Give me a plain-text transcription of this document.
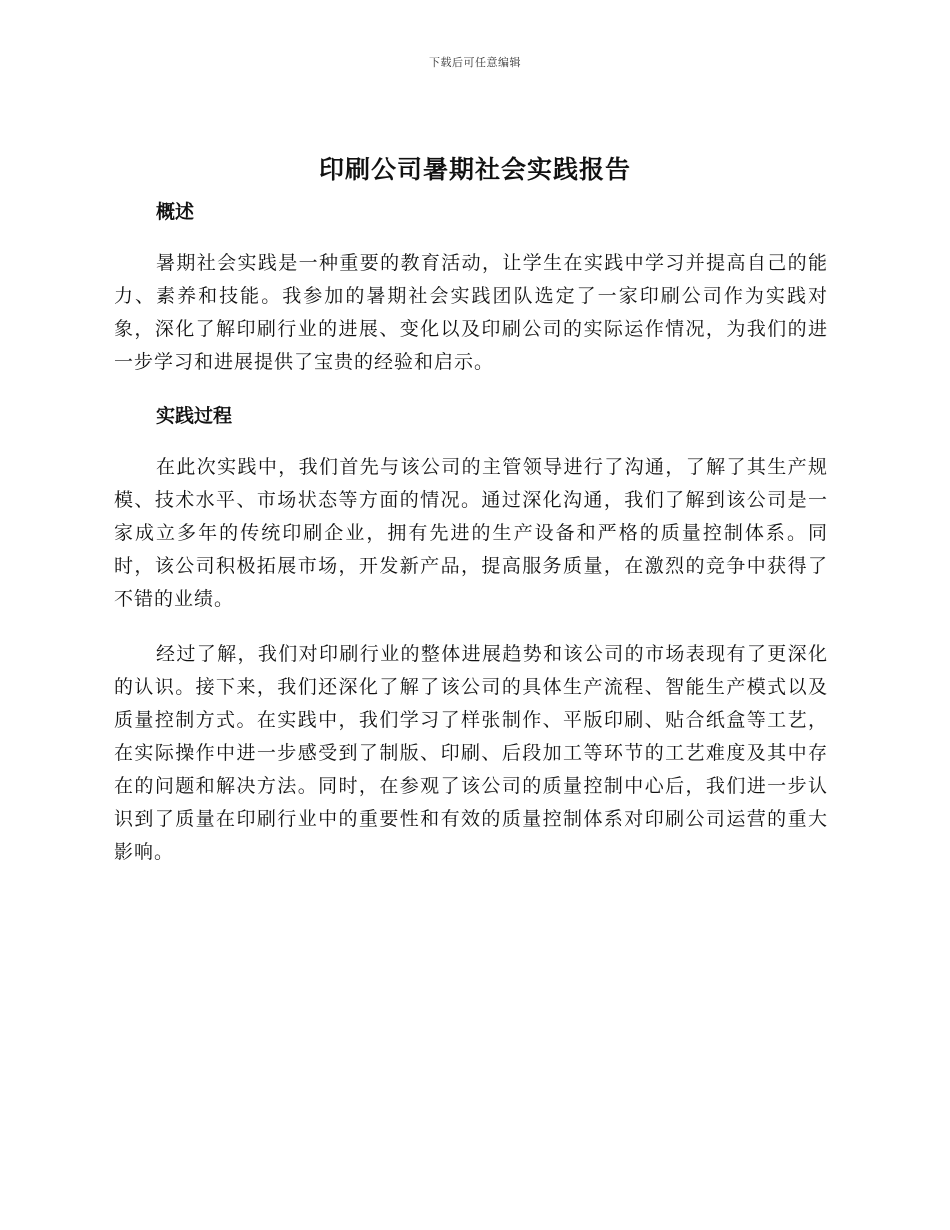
下载后可任意编辑
印刷公司暑期社会实践报告
概述

暑期社会实践是一种重要的教育活动，让学生在实践中学习并提高自己的能力、素养和技能。我参加的暑期社会实践团队选定了一家印刷公司作为实践对象，深化了解印刷行业的进展、变化以及印刷公司的实际运作情况，为我们的进一步学习和进展提供了宝贵的经验和启示。

实践过程

在此次实践中，我们首先与该公司的主管领导进行了沟通，了解了其生产规模、技术水平、市场状态等方面的情况。通过深化沟通，我们了解到该公司是一家成立多年的传统印刷企业，拥有先进的生产设备和严格的质量控制体系。同时，该公司积极拓展市场，开发新产品，提高服务质量，在激烈的竞争中获得了不错的业绩。

经过了解，我们对印刷行业的整体进展趋势和该公司的市场表现有了更深化的认识。接下来，我们还深化了解了该公司的具体生产流程、智能生产模式以及质量控制方式。在实践中，我们学习了样张制作、平版印刷、贴合纸盒等工艺，在实际操作中进一步感受到了制版、印刷、后段加工等环节的工艺难度及其中存在的问题和解决方法。同时，在参观了该公司的质量控制中心后，我们进一步认识到了质量在印刷行业中的重要性和有效的质量控制体系对印刷公司运营的重大影响。
